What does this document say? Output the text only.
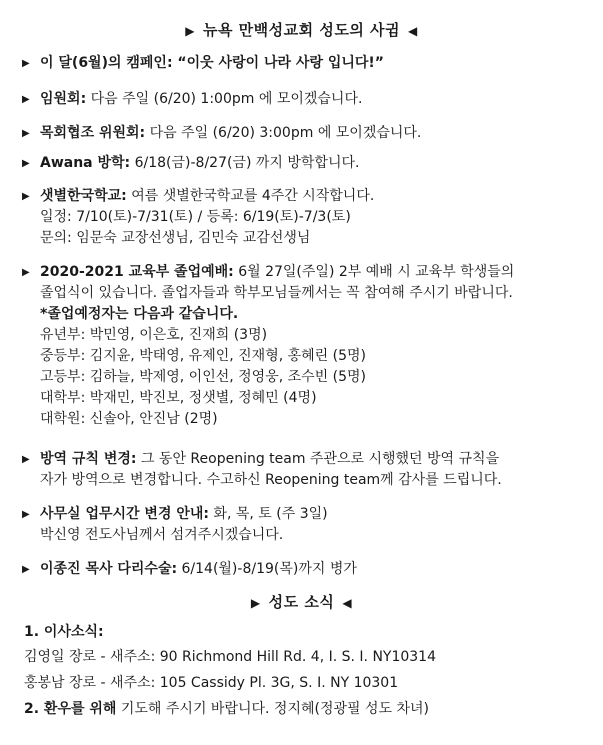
▶ 뉴욕 만백성교회 성도의 사귐 ◀
▶ 이 달(6월)의 캠페인: “이웃 사랑이 나라 사랑 입니다!”
▶ 임원회: 다음 주일 (6/20) 1:00pm 에 모이겠습니다.
▶ 목회협조 위원회: 다음 주일 (6/20) 3:00pm 에 모이겠습니다.
▶ Awana 방학: 6/18(금)-8/27(금) 까지 방학합니다.
▶ 샛별한국학교: 여름 샛별한국학교를 4주간 시작합니다.
일정: 7/10(토)-7/31(토) / 등록: 6/19(토)-7/3(토)
문의: 임문숙 교장선생님, 김민숙 교감선생님
▶ 2020-2021 교육부 졸업예배: 6월 27일(주일) 2부 예배 시 교육부 학생들의
졸업식이 있습니다. 졸업자들과 학부모님들께서는 꼭 참여해 주시기 바랍니다.
*졸업예정자는 다음과 같습니다.
유년부: 박민영, 이은호, 진재희 (3명)
중등부: 김지윤, 박태영, 유제인, 진재형, 홍혜린 (5명)
고등부: 김하늘, 박제영, 이인선, 정영웅, 조수빈 (5명)
대학부: 박재민, 박진보, 정샛별, 정혜민 (4명)
대학원: 신솔아, 안진남 (2명)
▶ 방역 규칙 변경: 그 동안 Reopening team 주관으로 시행했던 방역 규칙을
자가 방역으로 변경합니다. 수고하신 Reopening team께 감사를 드립니다.
▶ 사무실 업무시간 변경 안내: 화, 목, 토 (주 3일)
박신영 전도사님께서 섬겨주시겠습니다.
▶ 이종진 목사 다리수술: 6/14(월)-8/19(목)까지 병가
▶ 성도 소식 ◀
1. 이사소식:
김영일 장로 - 새주소: 90 Richmond Hill Rd. 4, I. S. I. NY10314
홍봉남 장로 - 새주소: 105 Cassidy Pl. 3G, S. I. NY 10301
2. 환우를 위해 기도해 주시기 바랍니다. 정지혜(정광필 성도 차녀)
